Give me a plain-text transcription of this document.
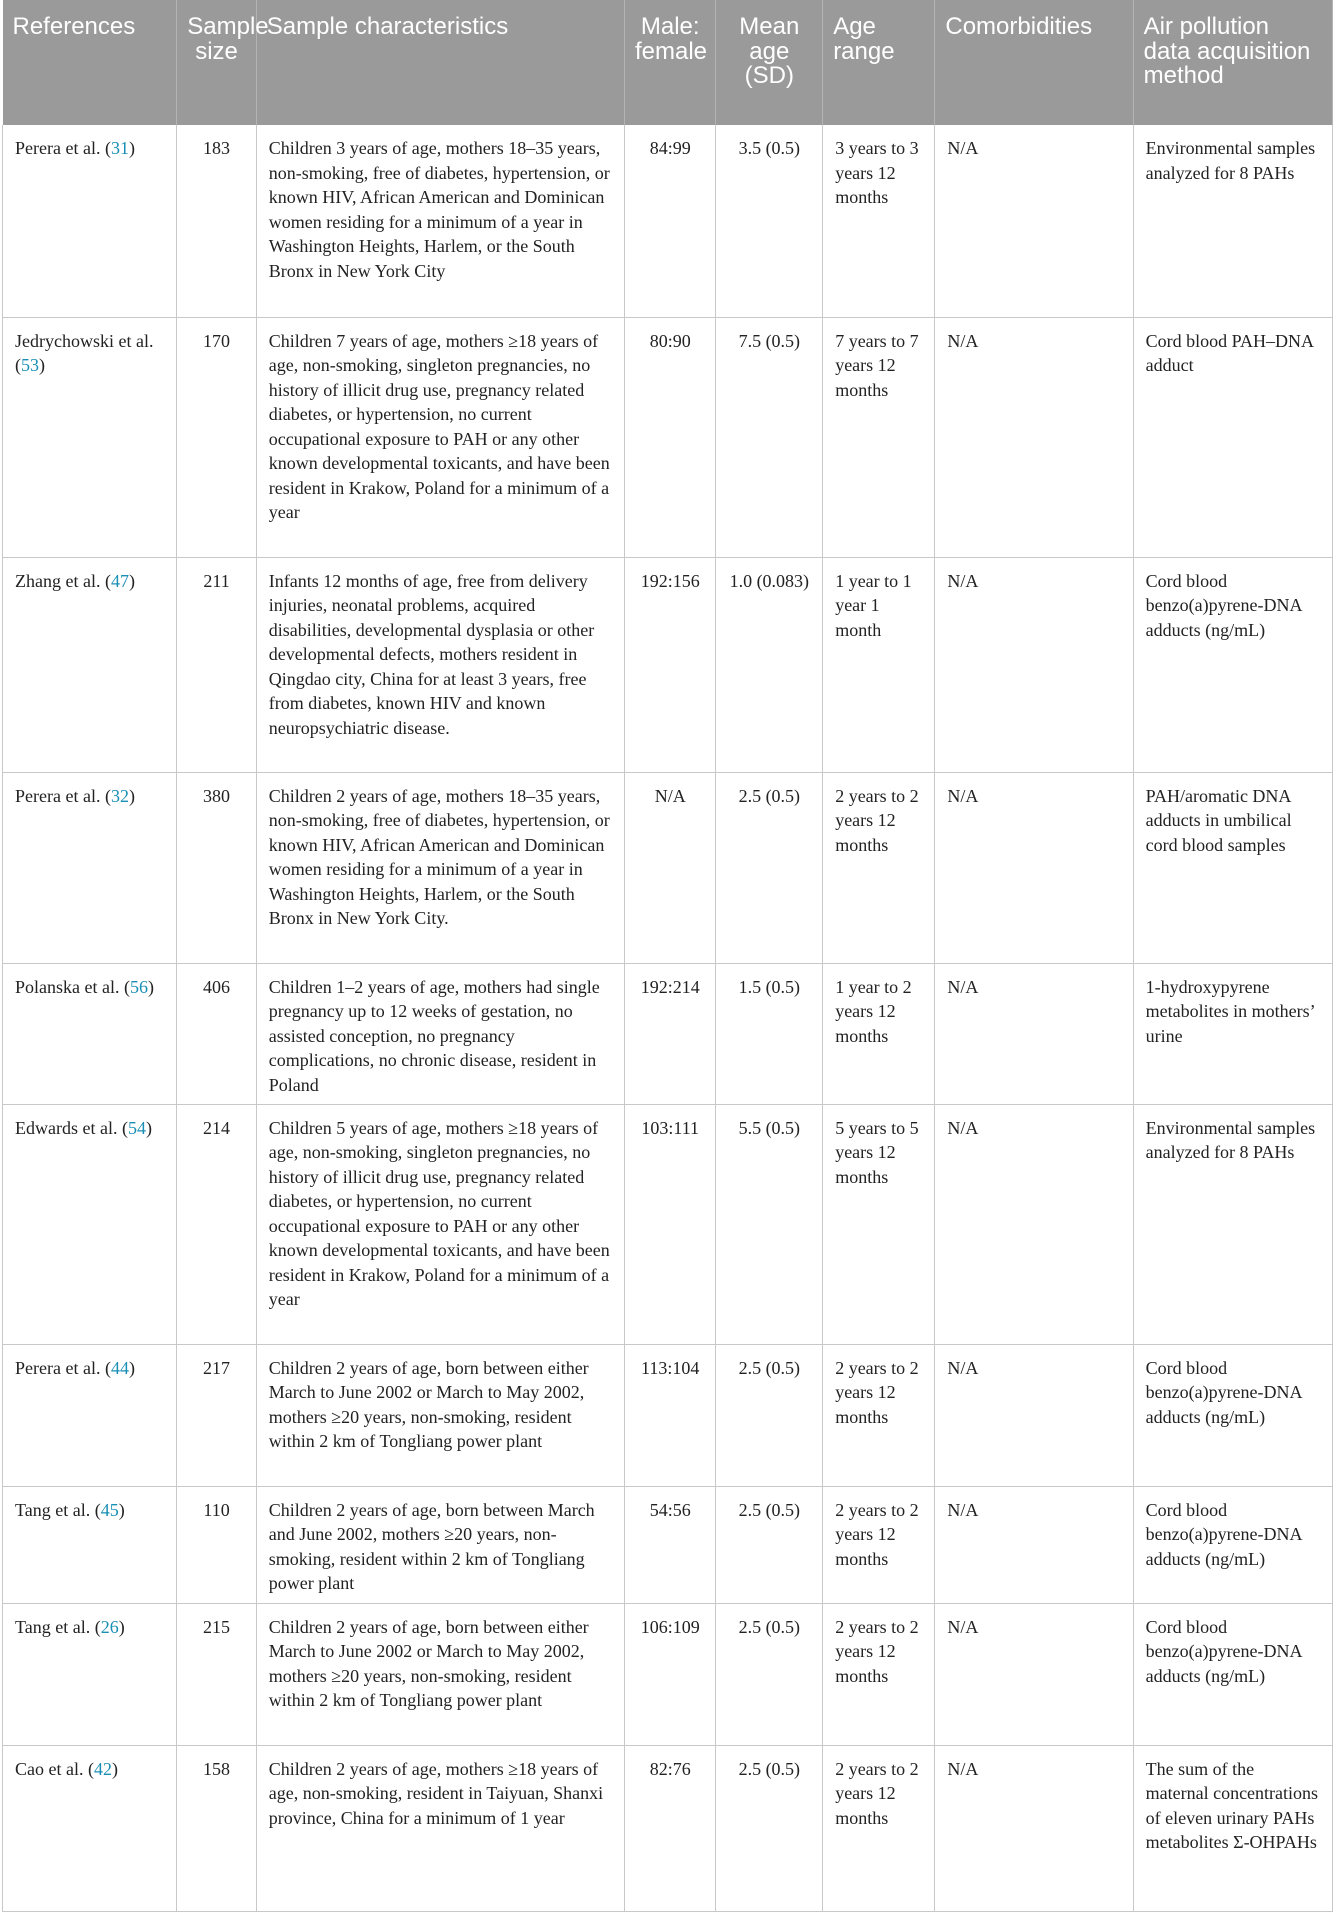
References	Sample size	Sample characteristics	Male: female	Mean age (SD)	Age range	Comorbidities	Air pollution data acquisition method
Perera et al. (31)	183	Children 3 years of age, mothers 18–35 years, non-smoking, free of diabetes, hypertension, or known HIV, African American and Dominican women residing for a minimum of a year in Washington Heights, Harlem, or the South Bronx in New York City	84:99	3.5 (0.5)	3 years to 3 years 12 months	N/A	Environmental samples analyzed for 8 PAHs
Jedrychowski et al. (53)	170	Children 7 years of age, mothers ≥18 years of age, non-smoking, singleton pregnancies, no history of illicit drug use, pregnancy related diabetes, or hypertension, no current occupational exposure to PAH or any other known developmental toxicants, and have been resident in Krakow, Poland for a minimum of a year	80:90	7.5 (0.5)	7 years to 7 years 12 months	N/A	Cord blood PAH–DNA adduct
Zhang et al. (47)	211	Infants 12 months of age, free from delivery injuries, neonatal problems, acquired disabilities, developmental dysplasia or other developmental defects, mothers resident in Qingdao city, China for at least 3 years, free from diabetes, known HIV and known neuropsychiatric disease.	192:156	1.0 (0.083)	1 year to 1 year 1 month	N/A	Cord blood benzo(a)pyrene-DNA adducts (ng/mL)
Perera et al. (32)	380	Children 2 years of age, mothers 18–35 years, non-smoking, free of diabetes, hypertension, or known HIV, African American and Dominican women residing for a minimum of a year in Washington Heights, Harlem, or the South Bronx in New York City.	N/A	2.5 (0.5)	2 years to 2 years 12 months	N/A	PAH/aromatic DNA adducts in umbilical cord blood samples
Polanska et al. (56)	406	Children 1–2 years of age, mothers had single pregnancy up to 12 weeks of gestation, no assisted conception, no pregnancy complications, no chronic disease, resident in Poland	192:214	1.5 (0.5)	1 year to 2 years 12 months	N/A	1-hydroxypyrene metabolites in mothers’ urine
Edwards et al. (54)	214	Children 5 years of age, mothers ≥18 years of age, non-smoking, singleton pregnancies, no history of illicit drug use, pregnancy related diabetes, or hypertension, no current occupational exposure to PAH or any other known developmental toxicants, and have been resident in Krakow, Poland for a minimum of a year	103:111	5.5 (0.5)	5 years to 5 years 12 months	N/A	Environmental samples analyzed for 8 PAHs
Perera et al. (44)	217	Children 2 years of age, born between either March to June 2002 or March to May 2002, mothers ≥20 years, non-smoking, resident within 2 km of Tongliang power plant	113:104	2.5 (0.5)	2 years to 2 years 12 months	N/A	Cord blood benzo(a)pyrene-DNA adducts (ng/mL)
Tang et al. (45)	110	Children 2 years of age, born between March and June 2002, mothers ≥20 years, non-smoking, resident within 2 km of Tongliang power plant	54:56	2.5 (0.5)	2 years to 2 years 12 months	N/A	Cord blood benzo(a)pyrene-DNA adducts (ng/mL)
Tang et al. (26)	215	Children 2 years of age, born between either March to June 2002 or March to May 2002, mothers ≥20 years, non-smoking, resident within 2 km of Tongliang power plant	106:109	2.5 (0.5)	2 years to 2 years 12 months	N/A	Cord blood benzo(a)pyrene-DNA adducts (ng/mL)
Cao et al. (42)	158	Children 2 years of age, mothers ≥18 years of age, non-smoking, resident in Taiyuan, Shanxi province, China for a minimum of 1 year	82:76	2.5 (0.5)	2 years to 2 years 12 months	N/A	The sum of the maternal concentrations of eleven urinary PAHs metabolites Σ-OHPAHs
